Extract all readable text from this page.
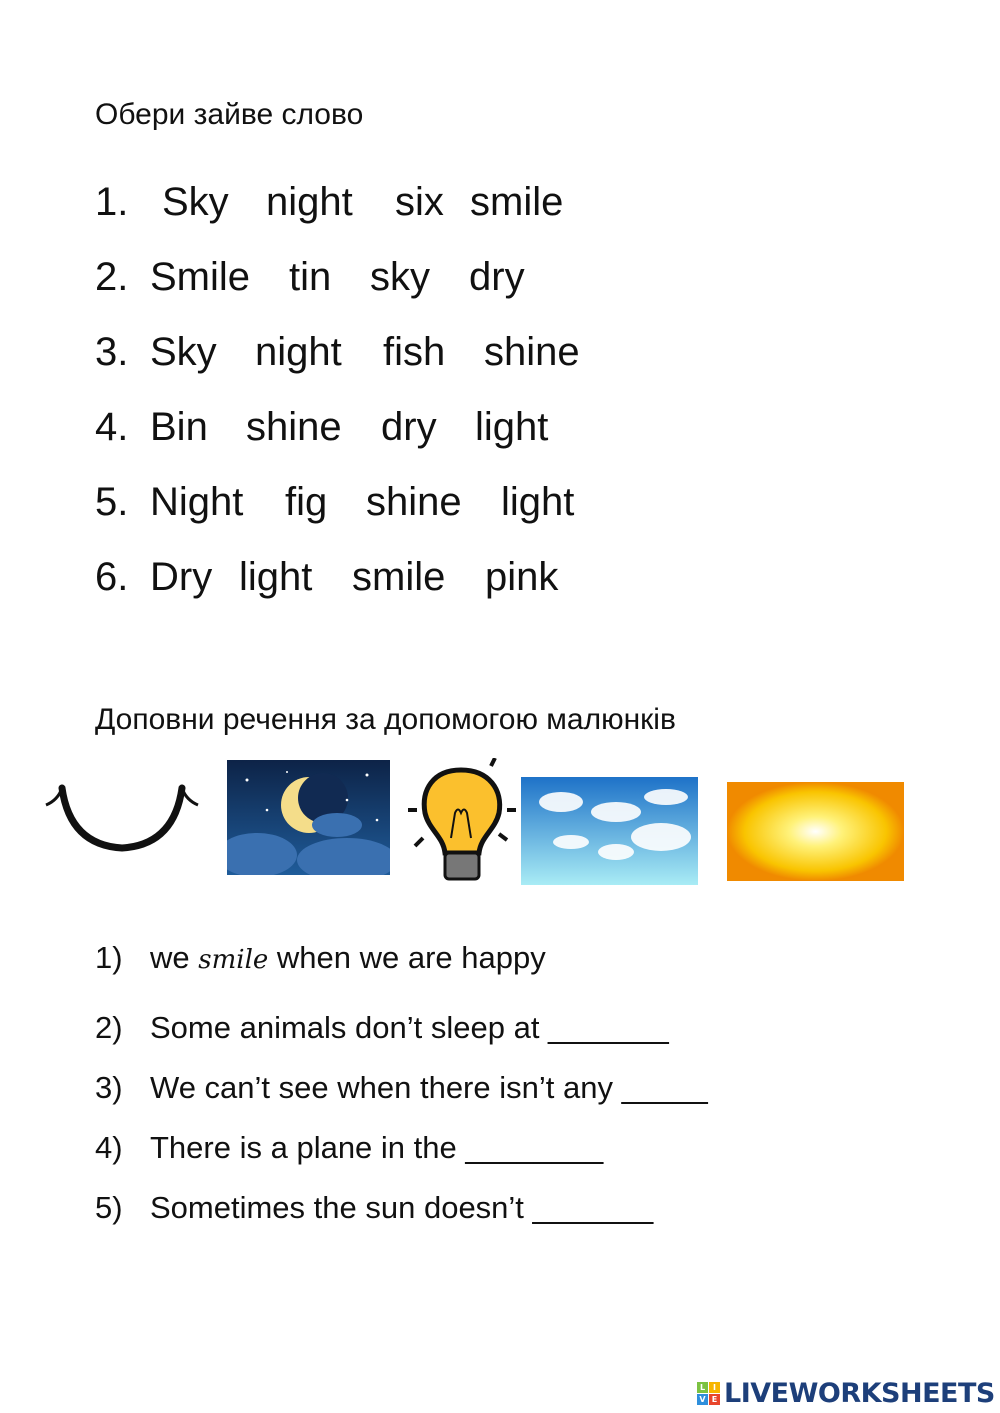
Обери зайве слово
1. Sky night six smile
2. Smile tin sky dry
3. Sky night fish shine
4. Bin shine dry light
5. Night fig shine light
6. Dry light smile pink
Доповни речення за допомогою малюнків
1) we smile when we are happy
2) Some animals don’t sleep at _______
3) We can’t see when there isn’t any _____
4) There is a plane in the ________
5) Sometimes the sun doesn’t _______
L I
V E LIVEWORKSHEETS
